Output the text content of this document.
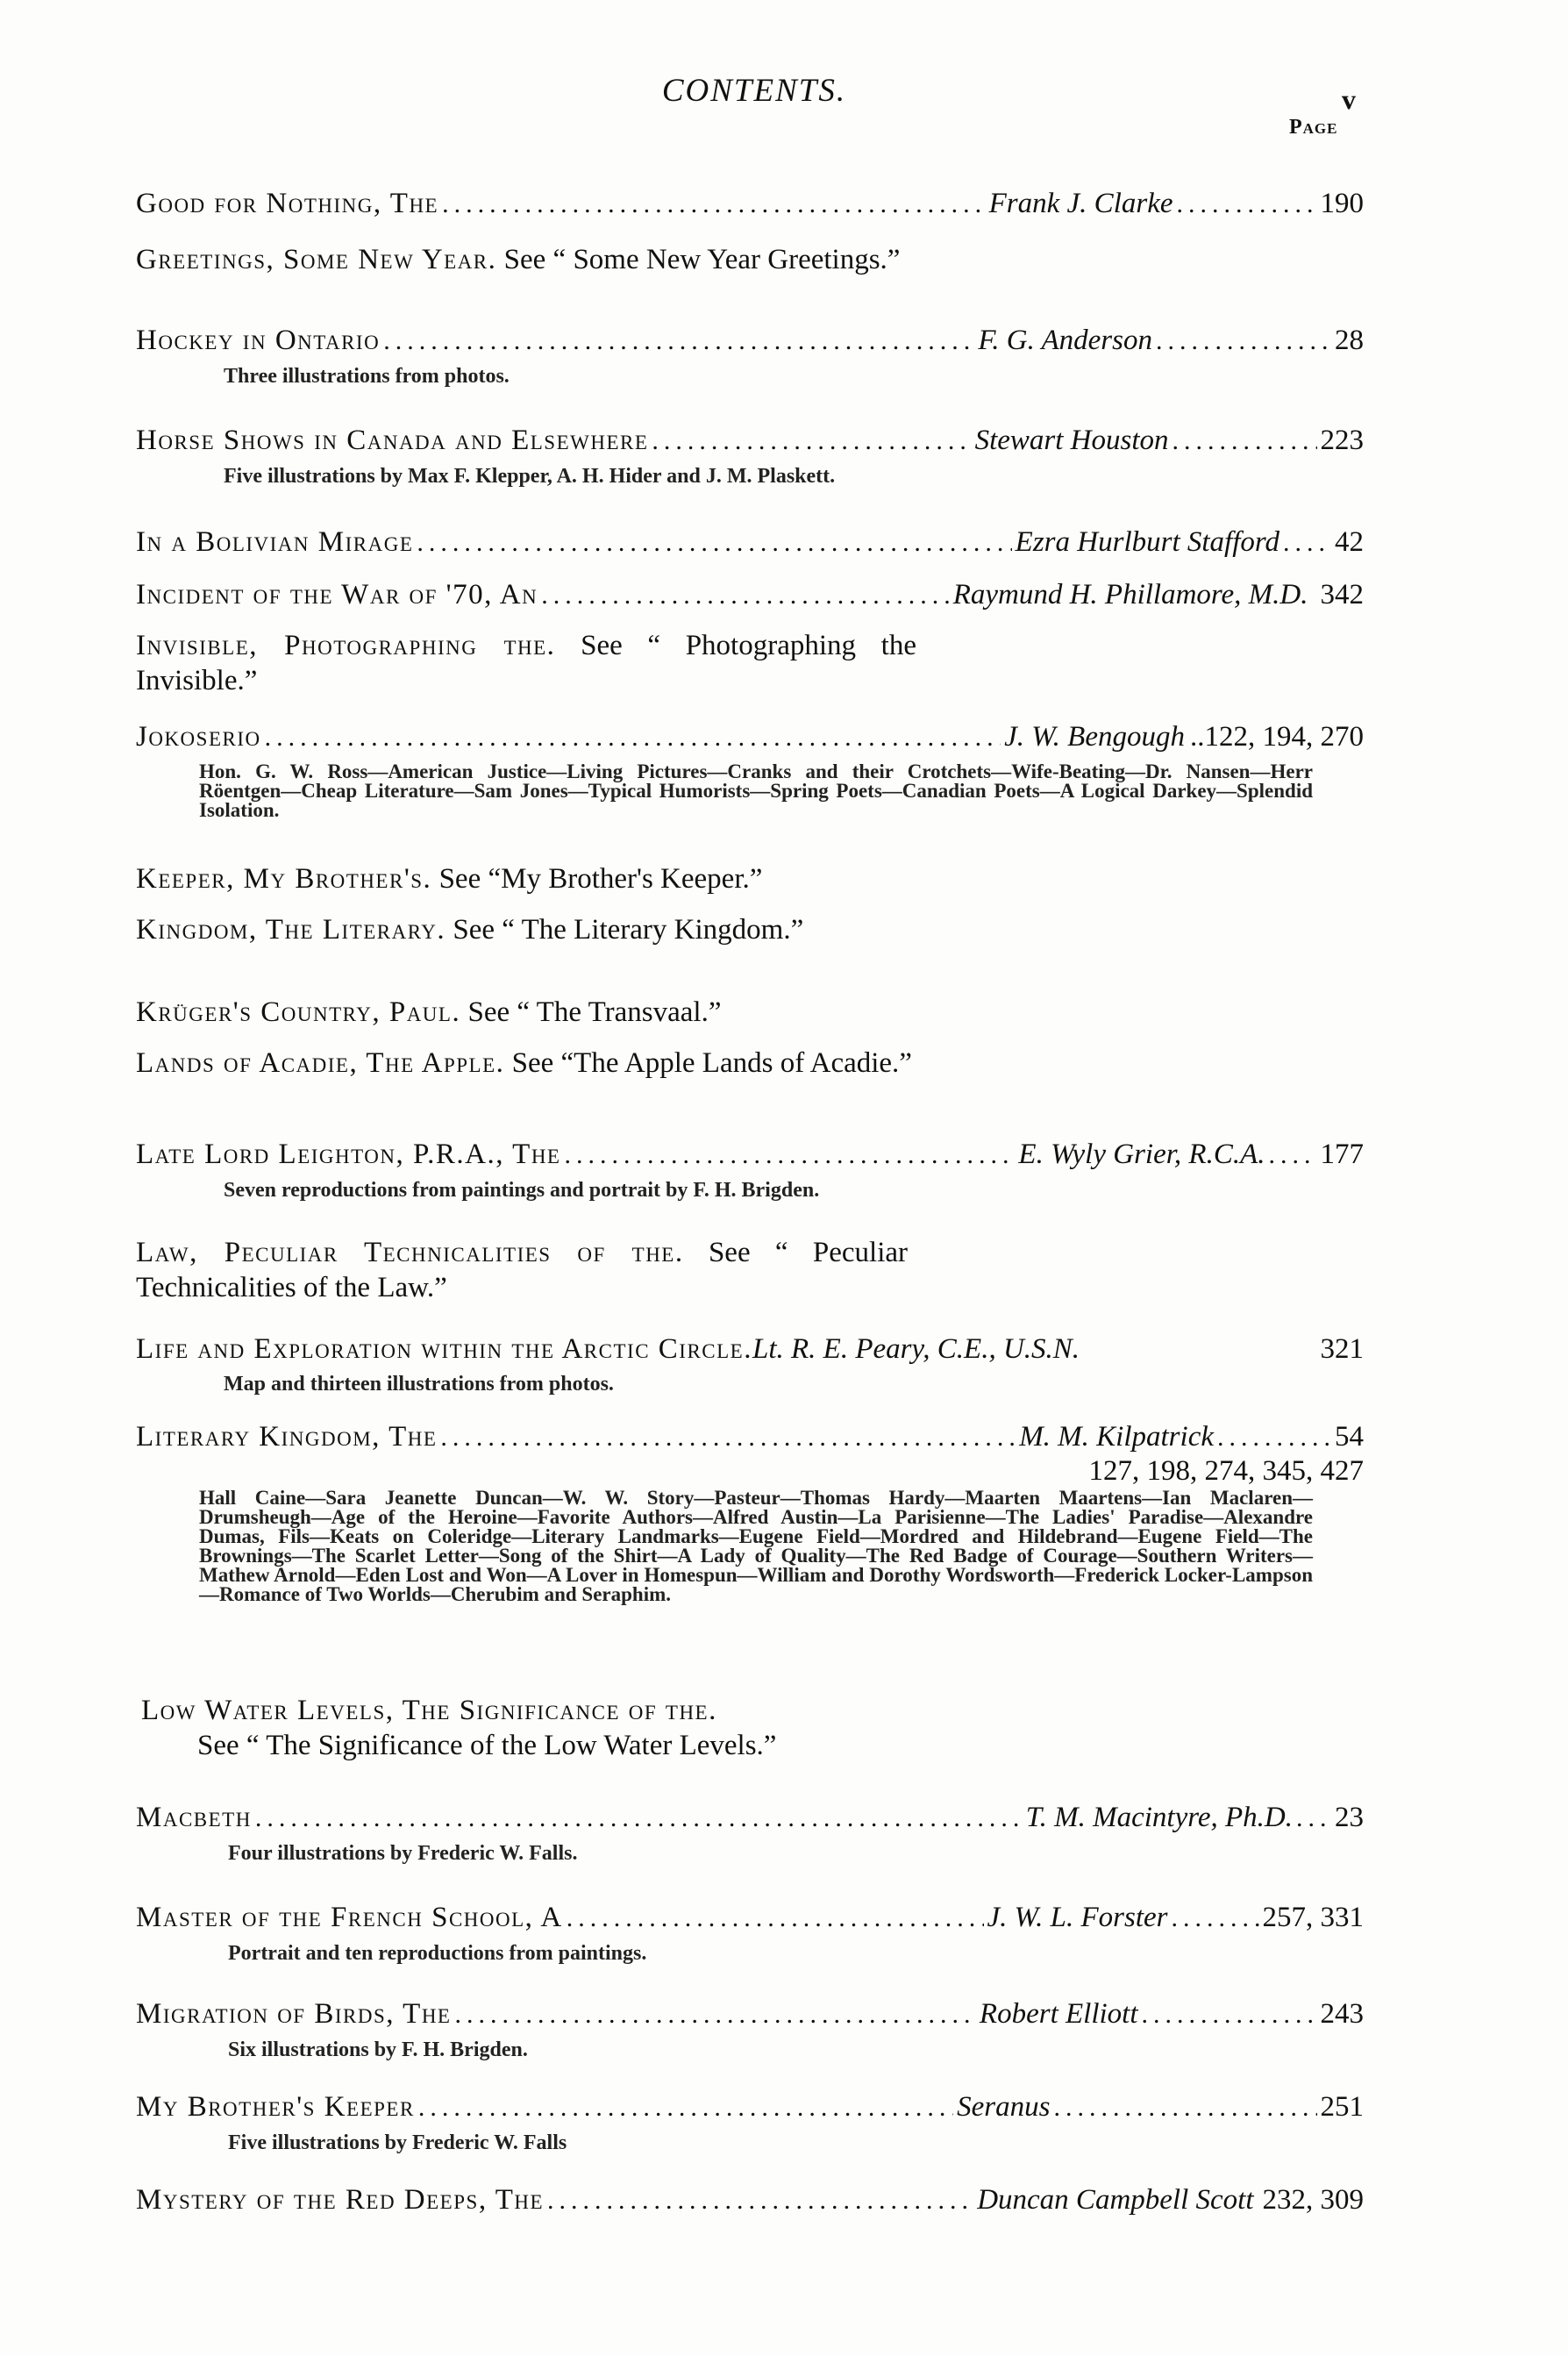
CONTENTS.	v
Page
Good for Nothing, The .....	Frank J. Clarke .....	190
Greetings, Some New Year. See “ Some New Year Greetings.”
Hockey in Ontario .....	F. G. Anderson .....	28
Three illustrations from photos.
Horse Shows in Canada and Elsewhere .....	Stewart Houston .....	223
Five illustrations by Max F. Klepper, A. H. Hider and J. M. Plaskett.
In a Bolivian Mirage .....	Ezra Hurlburt Stafford ..... 42
Incident of the War of '70, An .....	Raymund H. Phillamore, M.D. 342
Invisible, Photographing the. See “ Photographing the Invisible.”
Jokoserio .....	J. W. Bengough ..122, 194, 270
Hon. G. W. Ross—American Justice—Living Pictures—Cranks and their Crotchets—Wife-Beating—Dr. Nansen—Herr Röentgen—Cheap Literature—Sam Jones—Typical Humorists—Spring Poets—Canadian Poets—A Logical Darkey—Splendid Isolation.
Keeper, My Brother's. See “My Brother's Keeper.”
Kingdom, The Literary. See “ The Literary Kingdom.”
Krüger's Country, Paul. See “ The Transvaal.”
Lands of Acadie, The Apple. See “The Apple Lands of Acadie.”
Late Lord Leighton, P.R.A., The .....	E. Wyly Grier, R.C.A. ..... 177
Seven reproductions from paintings and portrait by F. H. Brigden.
Law, Peculiar Technicalities of the. See “ Peculiar Technicalities of the Law.”
Life and Exploration within the Arctic Circle. Lt. R. E. Peary, C.E., U.S.N.	321
Map and thirteen illustrations from photos.
Literary Kingdom, The .....	M. M. Kilpatrick .....	54
127, 198, 274, 345, 427
Hall Caine—Sara Jeanette Duncan—W. W. Story—Pasteur—Thomas Hardy—Maarten Maartens—Ian Maclaren—Drumsheugh—Age of the Heroine—Favorite Authors—Alfred Austin—La Parisienne—The Ladies' Paradise—Alexandre Dumas, Fils—Keats on Coleridge—Literary Landmarks—Eugene Field—Mordred and Hildebrand—Eugene Field—The Brownings—The Scarlet Letter—Song of the Shirt—A Lady of Quality—The Red Badge of Courage—Southern Writers—Mathew Arnold—Eden Lost and Won—A Lover in Homespun—William and Dorothy Wordsworth—Frederick Locker-Lampson—Romance of Two Worlds—Cherubim and Seraphim.
Low Water Levels, The Significance of the.
See “ The Significance of the Low Water Levels.”
Macbeth .....	T. M. Macintyre, Ph.D. ..... 23
Four illustrations by Frederic W. Falls.
Master of the French School, A .....	J. W. L. Forster .....	257, 331
Portrait and ten reproductions from paintings.
Migration of Birds, The .....	Robert Elliott .....	243
Six illustrations by F. H. Brigden.
My Brother's Keeper .....	Seranus .....	251
Five illustrations by Frederic W. Falls
Mystery of the Red Deeps, The .....	Duncan Campbell Scott 232, 309
